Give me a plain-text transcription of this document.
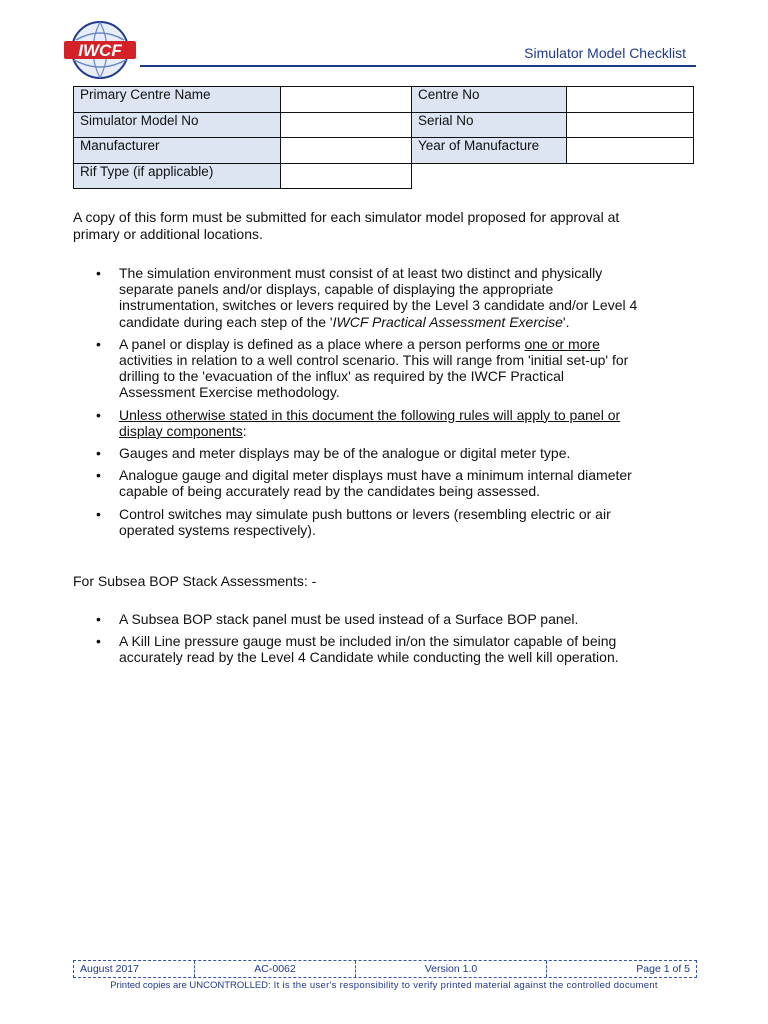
IWCF	Simulator Model Checklist
Primary Centre Name		Centre No	
Simulator Model No		Serial No	
Manufacturer		Year of Manufacture	
Rif Type (if applicable)			
A copy of this form must be submitted for each simulator model proposed for approval at primary or additional locations.
• The simulation environment must consist of at least two distinct and physically separate panels and/or displays, capable of displaying the appropriate instrumentation, switches or levers required by the Level 3 candidate and/or Level 4 candidate during each step of the 'IWCF Practical Assessment Exercise'.
• A panel or display is defined as a place where a person performs one or more activities in relation to a well control scenario. This will range from 'initial set-up' for drilling to the 'evacuation of the influx' as required by the IWCF Practical Assessment Exercise methodology.
• Unless otherwise stated in this document the following rules will apply to panel or display components:
• Gauges and meter displays may be of the analogue or digital meter type.
• Analogue gauge and digital meter displays must have a minimum internal diameter capable of being accurately read by the candidates being assessed.
• Control switches may simulate push buttons or levers (resembling electric or air operated systems respectively).
For Subsea BOP Stack Assessments: -
• A Subsea BOP stack panel must be used instead of a Surface BOP panel.
• A Kill Line pressure gauge must be included in/on the simulator capable of being accurately read by the Level 4 Candidate while conducting the well kill operation.
August 2017	AC-0062	Version 1.0	Page 1 of 5
Printed copies are UNCONTROLLED: It is the user's responsibility to verify printed material against the controlled document
